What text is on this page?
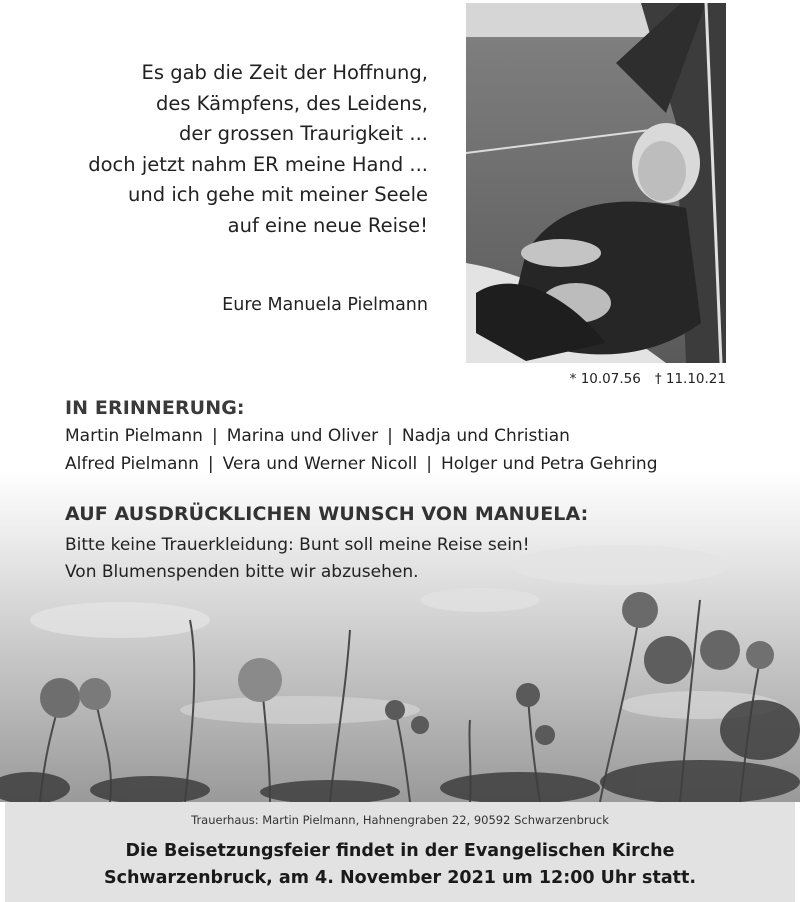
Es gab die Zeit der Hoffnung,
des Kämpfens, des Leidens,
der grossen Traurigkeit ...
doch jetzt nahm ER meine Hand ...
und ich gehe mit meiner Seele
auf eine neue Reise!
Eure Manuela Pielmann
* 10.07.56 † 11.10.21
IN ERINNERUNG:
Martin Pielmann | Marina und Oliver | Nadja und Christian
Alfred Pielmann | Vera und Werner Nicoll | Holger und Petra Gehring
AUF AUSDRÜCKLICHEN WUNSCH VON MANUELA:
Bitte keine Trauerkleidung: Bunt soll meine Reise sein!
Von Blumenspenden bitte wir abzusehen.
Trauerhaus: Martin Pielmann, Hahnengraben 22, 90592 Schwarzenbruck
Die Beisetzungsfeier findet in der Evangelischen Kirche
Schwarzenbruck, am 4. November 2021 um 12:00 Uhr statt.
